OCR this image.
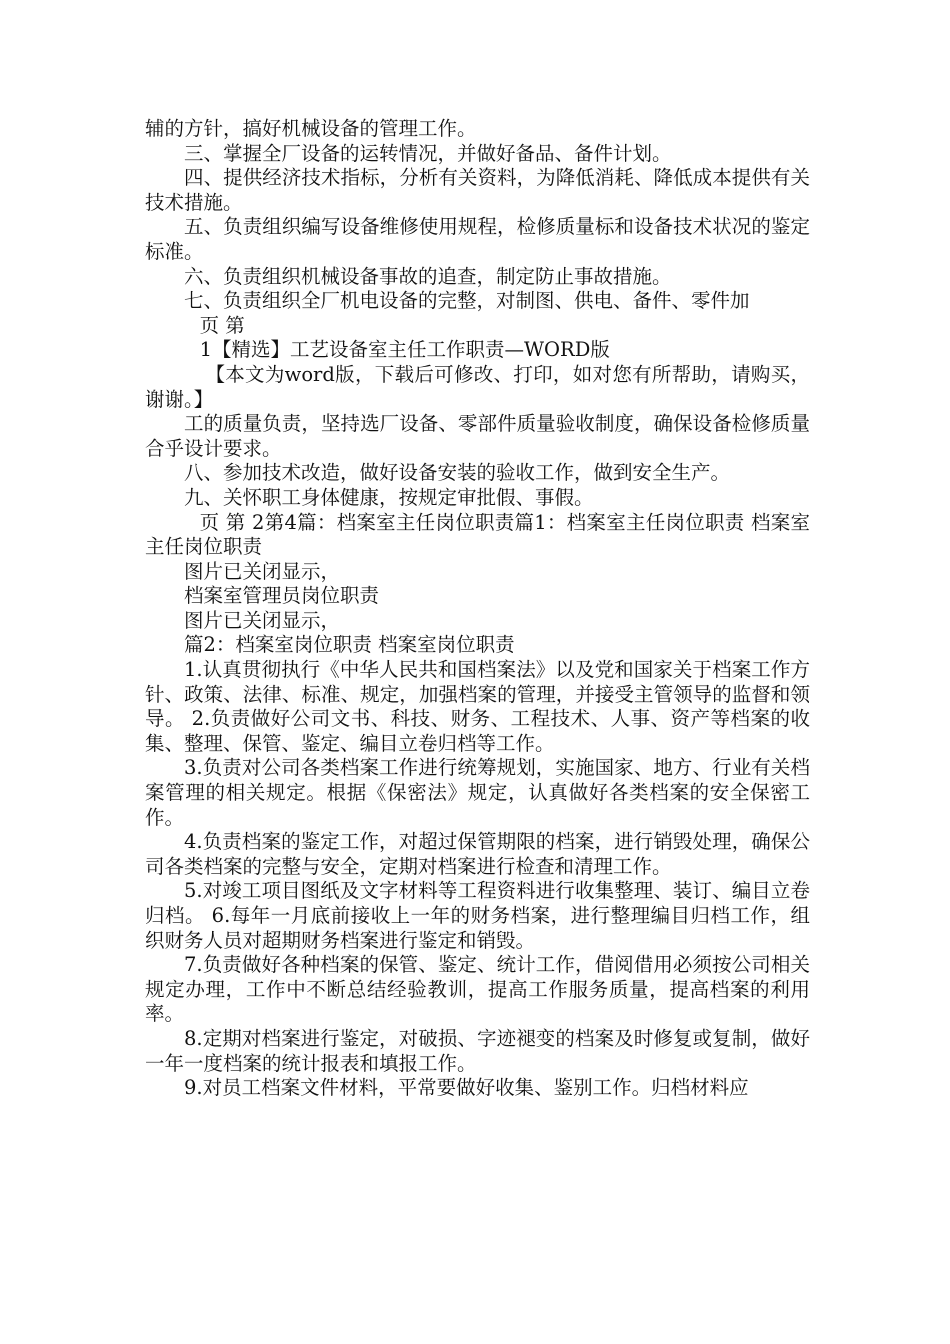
辅的方针，搞好机械设备的管理工作。

三、掌握全厂设备的运转情况，并做好备品、备件计划。

四、提供经济技术指标，分析有关资料，为降低消耗、降低成本提供有关技术措施。

五、负责组织编写设备维修使用规程，检修质量标和设备技术状况的鉴定标准。

六、负责组织机械设备事故的追查，制定防止事故措施。

七、负责组织全厂机电设备的完整，对制图、供电、备件、零件加

页 第

1【精选】工艺设备室主任工作职责—WORD版

【本文为word版，下载后可修改、打印，如对您有所帮助，请购买，谢谢。】

工的质量负责，坚持选厂设备、零部件质量验收制度，确保设备检修质量合乎设计要求。

八、参加技术改造，做好设备安装的验收工作，做到安全生产。

九、关怀职工身体健康，按规定审批假、事假。

页 第 2第4篇：档案室主任岗位职责篇1：档案室主任岗位职责 档案室主任岗位职责

图片已关闭显示，

档案室管理员岗位职责

图片已关闭显示，

篇2：档案室岗位职责 档案室岗位职责

1.认真贯彻执行《中华人民共和国档案法》以及党和国家关于档案工作方针、政策、法律、标准、规定，加强档案的管理，并接受主管领导的监督和领导。 2.负责做好公司文书、科技、财务、工程技术、人事、资产等档案的收集、整理、保管、鉴定、编目立卷归档等工作。

3.负责对公司各类档案工作进行统筹规划，实施国家、地方、行业有关档案管理的相关规定。根据《保密法》规定，认真做好各类档案的安全保密工作。

4.负责档案的鉴定工作，对超过保管期限的档案，进行销毁处理，确保公司各类档案的完整与安全，定期对档案进行检查和清理工作。

5.对竣工项目图纸及文字材料等工程资料进行收集整理、装订、编目立卷归档。 6.每年一月底前接收上一年的财务档案，进行整理编目归档工作，组织财务人员对超期财务档案进行鉴定和销毁。

7.负责做好各种档案的保管、鉴定、统计工作，借阅借用必须按公司相关规定办理，工作中不断总结经验教训，提高工作服务质量，提高档案的利用率。

8.定期对档案进行鉴定，对破损、字迹褪变的档案及时修复或复制，做好一年一度档案的统计报表和填报工作。

9.对员工档案文件材料，平常要做好收集、鉴别工作。归档材料应
